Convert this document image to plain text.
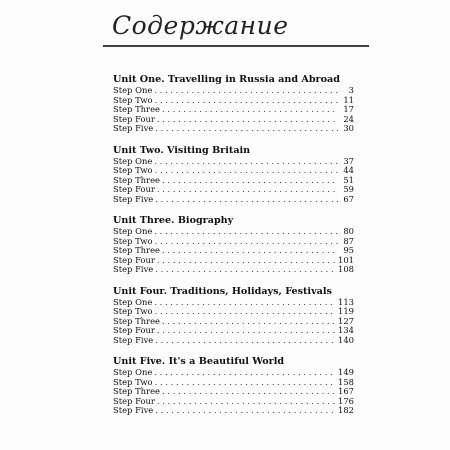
Содержание
Unit One. Travelling in Russia and Abroad
Step One . . .	3
Step Two . . .	11
Step Three . . .	17
Step Four . . .	24
Step Five . . .	30
Unit Two. Visiting Britain
Step One . . .	37
Step Two . . .	44
Step Three . . .	51
Step Four . . .	59
Step Five . . .	67
Unit Three. Biography
Step One . . .	80
Step Two . . .	87
Step Three . . .	95
Step Four . . .	101
Step Five . . .	108
Unit Four. Traditions, Holidays, Festivals
Step One . . .	113
Step Two . . .	119
Step Three . . .	127
Step Four . . .	134
Step Five . . .	140
Unit Five. It's a Beautiful World
Step One . . .	149
Step Two . . .	158
Step Three . . .	167
Step Four . . .	176
Step Five . . .	182
